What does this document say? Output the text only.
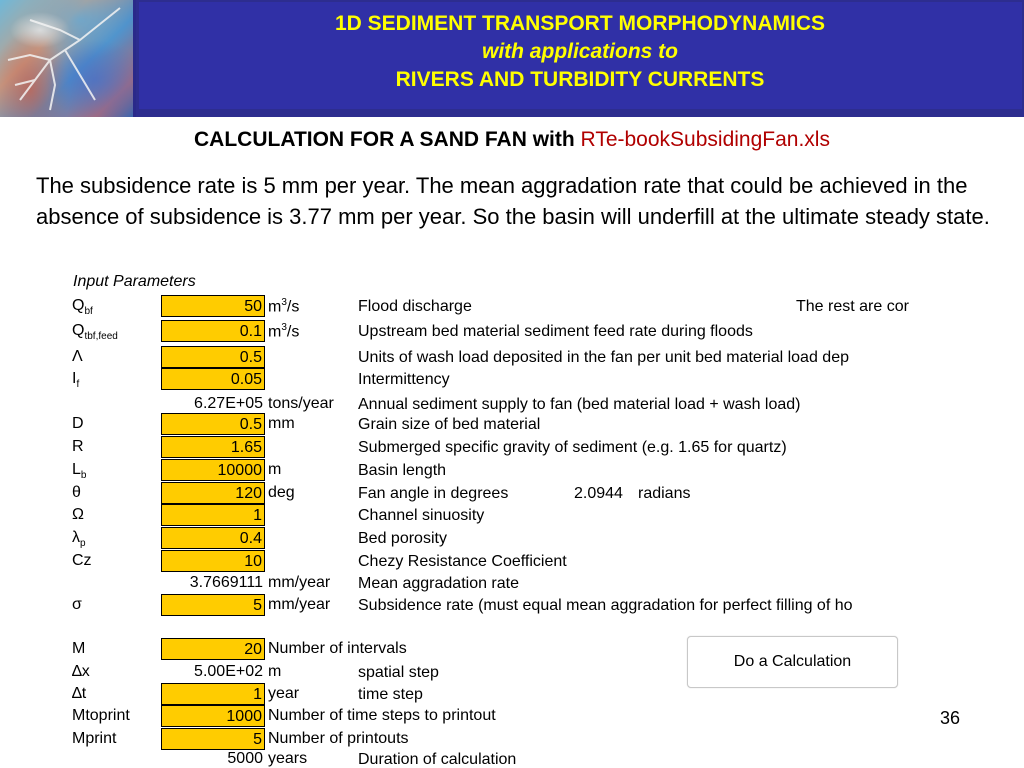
1D SEDIMENT TRANSPORT MORPHODYNAMICS
with applications to
RIVERS AND TURBIDITY CURRENTS
CALCULATION FOR A SAND FAN with RTe-bookSubsidingFan.xls
The subsidence rate is 5 mm per year. The mean aggradation rate that could be achieved in the absence of subsidence is 3.77 mm per year. So the basin will underfill at the ultimate steady state.
Input Parameters
$Q_{bf}$	50 $m^3/s$	Flood discharge	The rest are cor
$Q_{tbf,feed}$	0.1 $m^3/s$	Upstream bed material sediment feed rate during floods
Λ	0.5	Units of wash load deposited in the fan per unit bed material load dep
$I_f$	0.05	Intermittency
6.27E+05 tons/year Annual sediment supply to fan (bed material load + wash load)
D	0.5 mm	Grain size of bed material
R	1.65	Submerged specific gravity of sediment (e.g. 1.65 for quartz)
$L_b$	10000 m	Basin length
θ	120 deg	Fan angle in degrees	2.0944 radians
Ω	1	Channel sinuosity
$\lambda_p$	0.4	Bed porosity
Cz	10	Chezy Resistance Coefficient
3.7669111 mm/year Mean aggradation rate
σ	5 mm/year Subsidence rate (must equal mean aggradation for perfect filling of ho
M	20 Number of intervals
∆x	5.00E+02 m	spatial step
∆t	1 year	time step
Mtoprint	1000 Number of time steps to printout
Mprint	5 Number of printouts
5000 years	Duration of calculation
Do a Calculation
36
